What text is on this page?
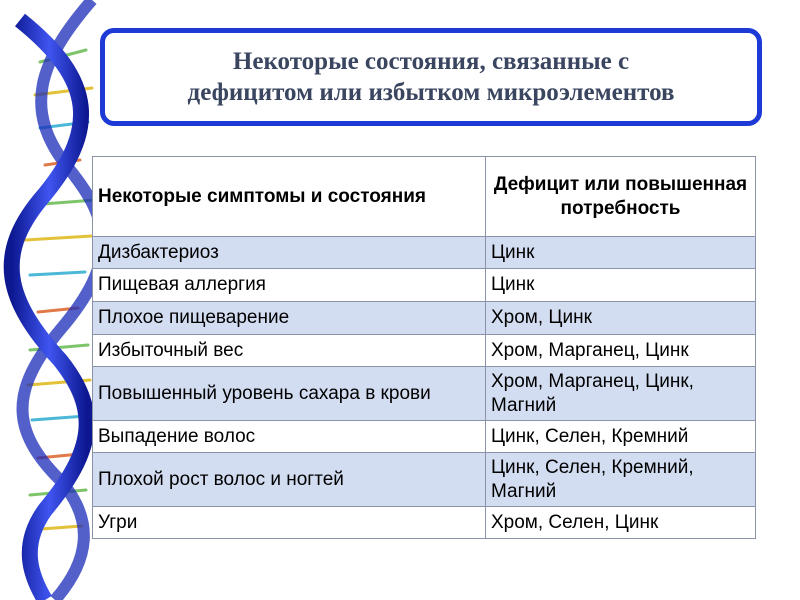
Некоторые состояния, связанные с
дефицитом или избытком микроэлементов
Некоторые симптомы и состояния	Дефицит или повышенная потребность
Дизбактериоз	Цинк
Пищевая аллергия	Цинк
Плохое пищеварение	Хром, Цинк
Избыточный вес	Хром, Марганец, Цинк
Повышенный уровень сахара в крови	Хром, Марганец, Цинк, Магний
Выпадение волос	Цинк, Селен, Кремний
Плохой рост волос и ногтей	Цинк, Селен, Кремний, Магний
Угри	Хром, Селен, Цинк
